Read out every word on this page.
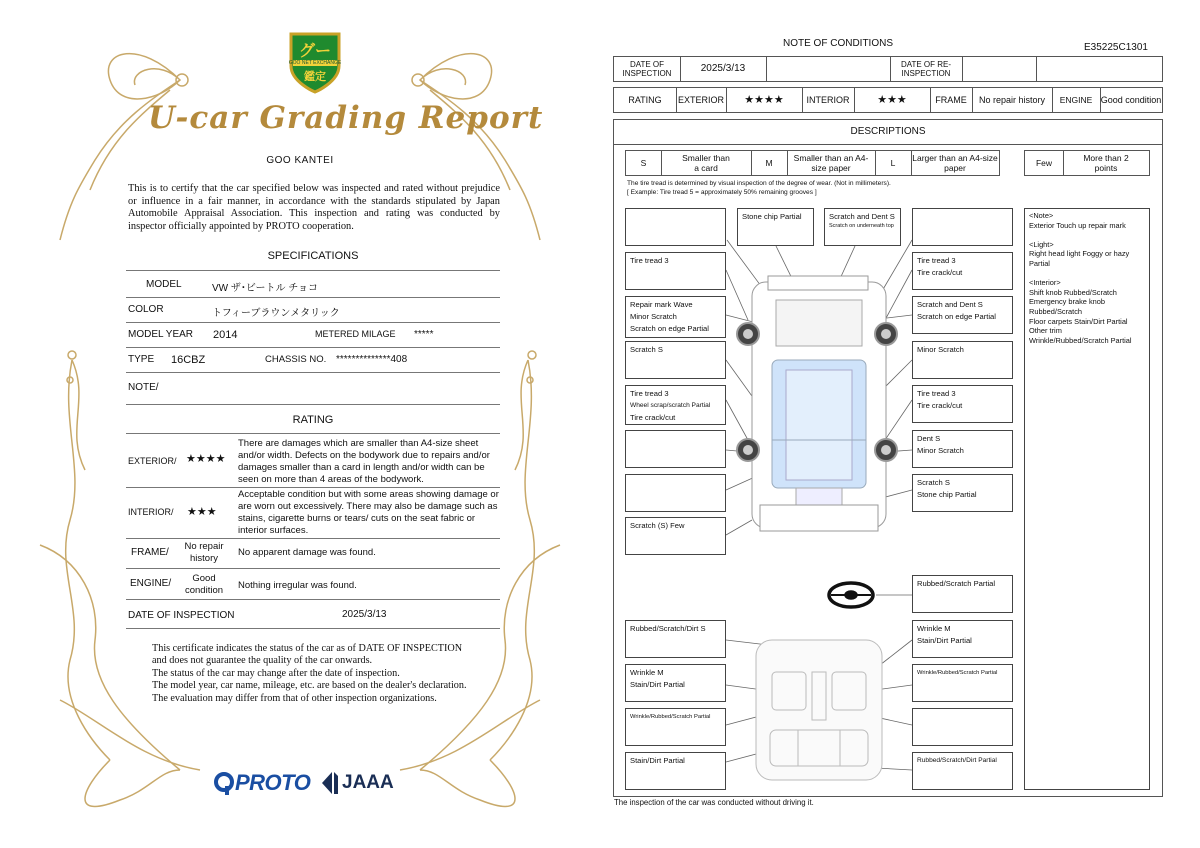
グー
GOO NET EXCHANGE
鑑定
U-car Grading Report
GOO KANTEI
This is to certify that the car specified below was inspected and rated without prejudice or influence in a fair manner, in accordance with the standards stipulated by Japan Automobile Appraisal Association. This inspection and rating was conducted by inspector officially appointed by PROTO cooperation.
SPECIFICATIONS
MODEL	VW ザ･ビートル チョコ
COLOR	トフィーブラウンメタリック
MODEL YEAR 2014	METERED MILAGE *****
TYPE 16CBZ	CHASSIS NO. **************408
NOTE/
RATING
EXTERIOR/ ★★★★
There are damages which are smaller than A4-size sheet and/or width. Defects on the bodywork due to repairs and/or damages smaller than a card in length and/or width can be seen on more than 4 areas of the bodywork.
INTERIOR/ ★★★
Acceptable condition but with some areas showing damage or are worn out excessively. There may also be damage such as stains, cigarette burns or tears/ cuts on the seat fabric or interior surfaces.
FRAME/
No repair history
No apparent damage was found.
ENGINE/	Good condition	Nothing irregular was found.
DATE OF INSPECTION	2025/3/13
This certificate indicates the status of the car as of DATE OF INSPECTION and does not guarantee the quality of the car onwards.
The status of the car may change after the date of inspection.
The model year, car name, mileage, etc. are based on the dealer's declaration.
The evaluation may differ from that of other inspection organizations.
PROTO JAAA
NOTE OF CONDITIONS	E35225C1301
DATE OF INSPECTION	2025/3/13	DATE OF RE-INSPECTION
RATING	EXTERIOR	★★★★	INTERIOR	★★★	FRAME	No repair history	ENGINE Good condition
DESCRIPTIONS
S	Smaller than a card	M	Smaller than an A4-size paper	L	Larger than an A4-size paper	Few	More than 2 points
The tire tread is determined by visual inspection of the degree of wear. (Not in millimeters).
[ Example: Tire tread 5 = approximately 50% remaining grooves ]
Stone chip Partial	Scratch and Dent S
Scratch on underneath top
Tire tread 3
Repair mark Wave
Minor Scratch
Scratch on edge Partial
Scratch S
Tire tread 3
Wheel scrap/scratch Partial
Tire crack/cut
Scratch (S) Few
Tire tread 3
Tire crack/cut
Scratch and Dent S
Scratch on edge Partial
Minor Scratch
Tire tread 3
Tire crack/cut
Dent S
Minor Scratch
Scratch S
Stone chip Partial
Rubbed/Scratch Partial
Rubbed/Scratch/Dirt S
Wrinkle M
Stain/Dirt Partial
Wrinkle/Rubbed/Scratch Partial
Stain/Dirt Partial
Wrinkle M
Stain/Dirt Partial
Wrinkle/Rubbed/Scratch Partial
Rubbed/Scratch/Dirt Partial
<Note>
Exterior Touch up repair mark
<Light>
Right head light Foggy or hazy Partial
<Interior>
Shift knob Rubbed/Scratch
Emergency brake knob Rubbed/Scratch
Floor carpets Stain/Dirt Partial
Other trim
Wrinkle/Rubbed/Scratch Partial
The inspection of the car was conducted without driving it.
